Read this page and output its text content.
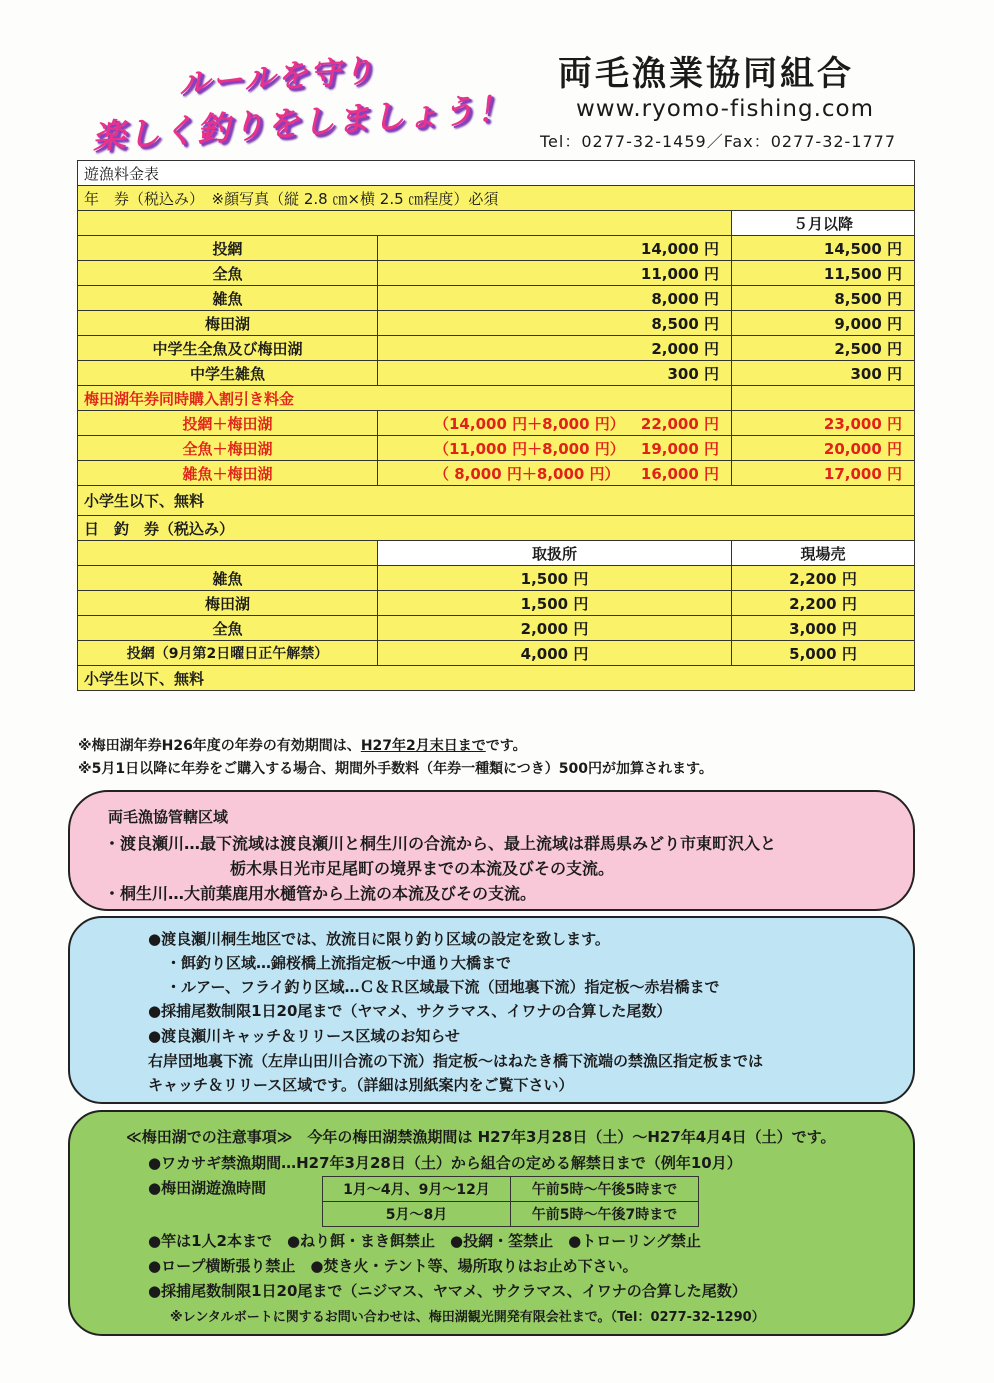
ルールを守り
楽しく釣りをしましょう！
両毛漁業協同組合
www.ryomo-fishing.com
Tel：0277-32-1459／Fax：0277-32-1777
遊漁料金表		
年　券（税込み）　※顔写真（縦 2.8 ㎝×横 2.5 ㎝程度）必須		
		５月以降
投網	14,000 円	14,500 円
全魚	11,000 円	11,500 円
雑魚	8,000 円	8,500 円
梅田湖	8,500 円	9,000 円
中学生全魚及び梅田湖	2,000 円	2,500 円
中学生雑魚	300 円	300 円
梅田湖年券同時購入割引き料金		
投網＋梅田湖	（14,000 円＋8,000 円） 22,000 円	23,000 円
全魚＋梅田湖	（11,000 円＋8,000 円） 19,000 円	20,000 円
雑魚＋梅田湖	（ 8,000 円＋8,000 円） 16,000 円	17,000 円
小学生以下、無料		
日　釣　券（税込み）		
	取扱所	現場売
雑魚	1,500 円	2,200 円
梅田湖	1,500 円	2,200 円
全魚	2,000 円	3,000 円
投網（9月第2日曜日正午解禁）	4,000 円	5,000 円
小学生以下、無料		
※梅田湖年券H26年度の年券の有効期間は、H27年2月末日までです。
※5月1日以降に年券をご購入する場合、期間外手数料（年券一種類につき）500円が加算されます。
両毛漁協管轄区域
・渡良瀬川…最下流域は渡良瀬川と桐生川の合流から、最上流域は群馬県みどり市東町沢入と
栃木県日光市足尾町の境界までの本流及びその支流。
・桐生川…大前葉鹿用水樋管から上流の本流及びその支流。
●渡良瀬川桐生地区では、放流日に限り釣り区域の設定を致します。
・餌釣り区域…錦桜橋上流指定板～中通り大橋まで
・ルアー、フライ釣り区域…Ｃ＆Ｒ区域最下流（団地裏下流）指定板～赤岩橋まで
●採捕尾数制限1日20尾まで（ヤマメ、サクラマス、イワナの合算した尾数）
●渡良瀬川キャッチ＆リリース区域のお知らせ
右岸団地裏下流（左岸山田川合流の下流）指定板～はねたき橋下流端の禁漁区指定板までは
キャッチ＆リリース区域です。（詳細は別紙案内をご覧下さい）
≪梅田湖での注意事項≫　今年の梅田湖禁漁期間は H27年3月28日（土）～H27年4月4日（土）です。
●ワカサギ禁漁期間…H27年3月28日（土）から組合の定める解禁日まで（例年10月）
●梅田湖遊漁時間
●竿は1人2本まで　●ねり餌・まき餌禁止　●投網・筌禁止　●トローリング禁止
●ロープ横断張り禁止　●焚き火・テント等、場所取りはお止め下さい。
●採捕尾数制限1日20尾まで（ニジマス、ヤマメ、サクラマス、イワナの合算した尾数）
※レンタルボートに関するお問い合わせは、梅田湖観光開発有限会社まで。（Tel：0277-32-1290）
1月～4月、9月～12月	午前5時～午後5時まで
5月～8月	午前5時～午後7時まで
